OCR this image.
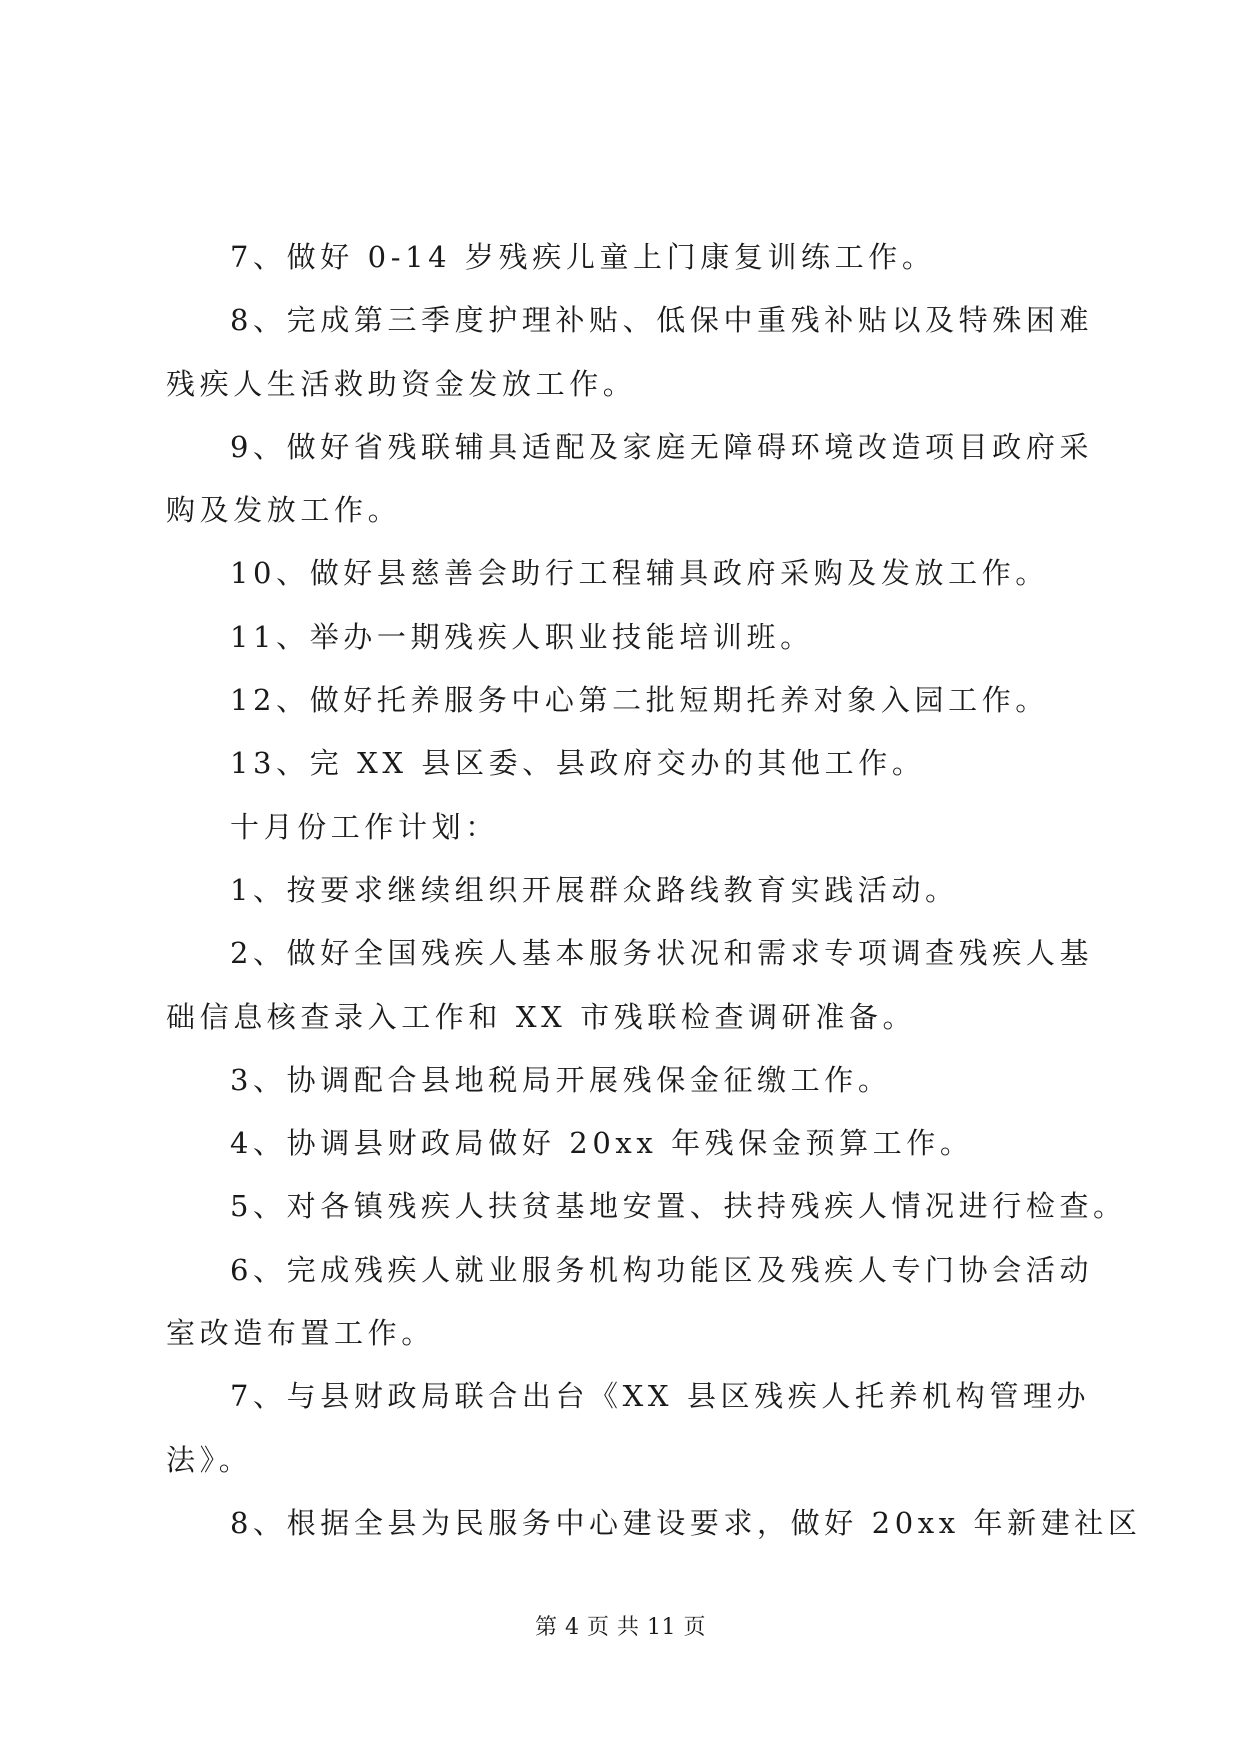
7、做好 0-14 岁残疾儿童上门康复训练工作。
8、完成第三季度护理补贴、低保中重残补贴以及特殊困难
残疾人生活救助资金发放工作。
9、做好省残联辅具适配及家庭无障碍环境改造项目政府采
购及发放工作。
10、做好县慈善会助行工程辅具政府采购及发放工作。
11、举办一期残疾人职业技能培训班。
12、做好托养服务中心第二批短期托养对象入园工作。
13、完 XX 县区委、县政府交办的其他工作。
十月份工作计划：
1、按要求继续组织开展群众路线教育实践活动。
2、做好全国残疾人基本服务状况和需求专项调查残疾人基
础信息核查录入工作和 XX 市残联检查调研准备。
3、协调配合县地税局开展残保金征缴工作。
4、协调县财政局做好 20xx 年残保金预算工作。
5、对各镇残疾人扶贫基地安置、扶持残疾人情况进行检查。
6、完成残疾人就业服务机构功能区及残疾人专门协会活动
室改造布置工作。
7、与县财政局联合出台《XX 县区残疾人托养机构管理办
法》。
8、根据全县为民服务中心建设要求，做好 20xx 年新建社区
第 4 页 共 11 页
